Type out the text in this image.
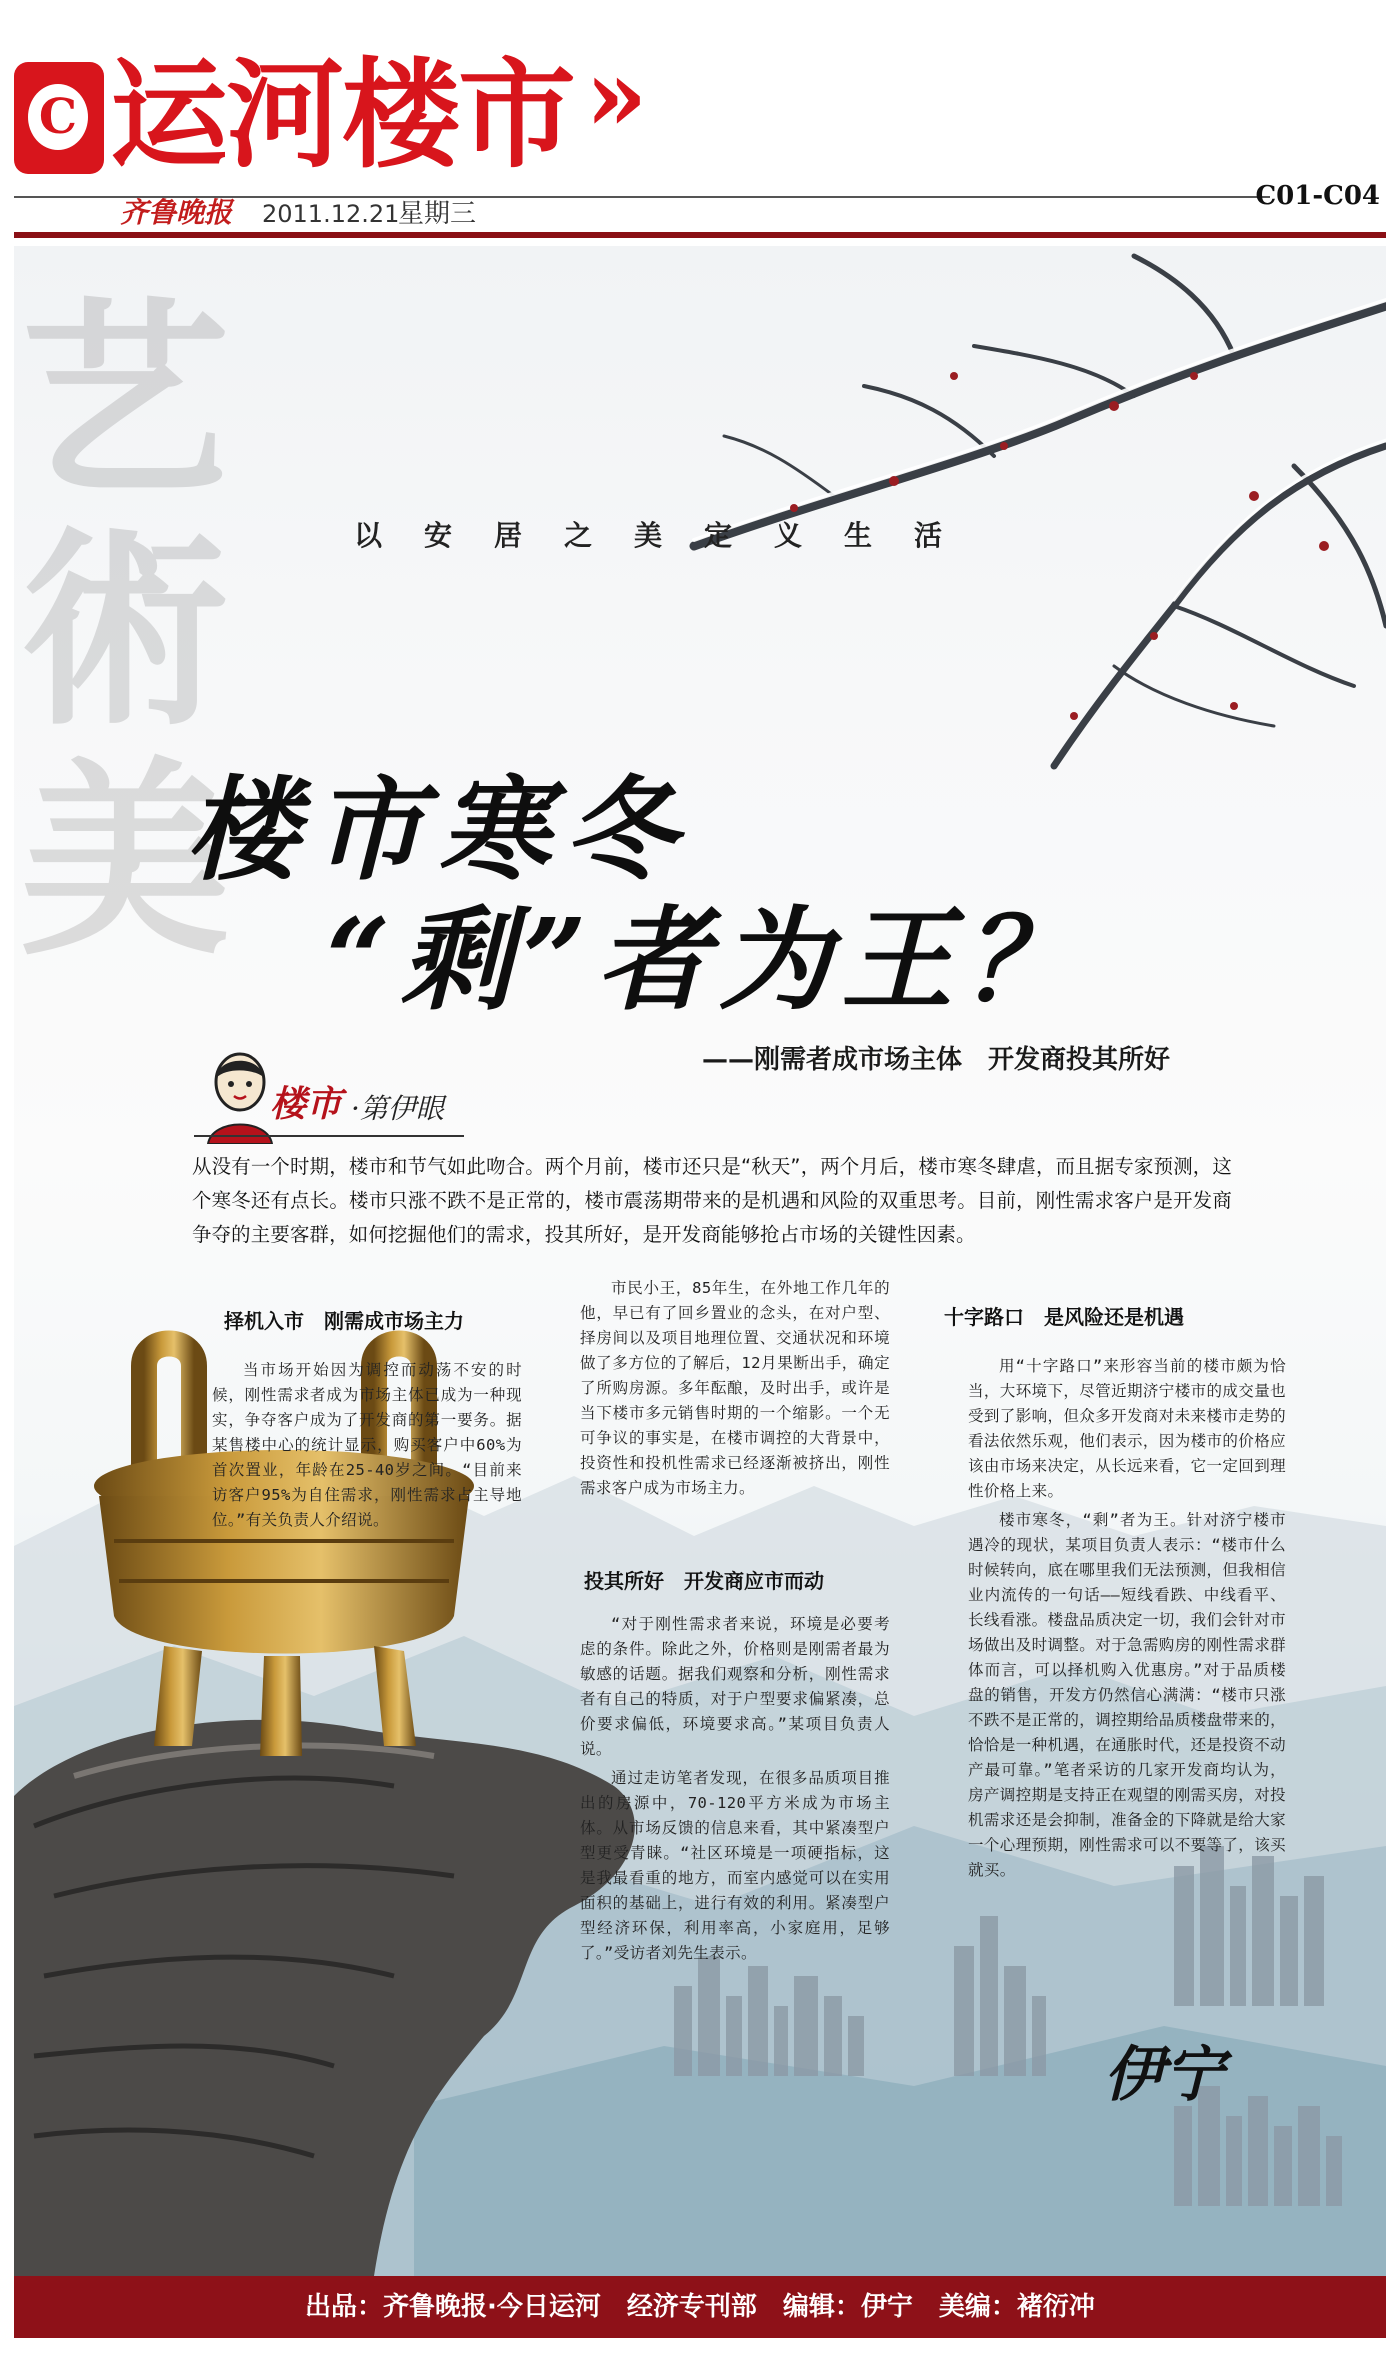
C 运河楼市 »
齐鲁晚报 2011.12.21
星期三
C01-C04
艺
術
美
以安居之美定义生活
楼市寒冬
“剩”者为王？
——刚需者成市场主体　开发商投其所好
楼市 ·第伊眼
从没有一个时期，楼市和节气如此吻合。两个月前，楼市还只是“秋天”，两个月后，楼市寒冬肆虐，而且据专家预测，这个寒冬还有点长。楼市只涨不跌不是正常的，楼市震荡期带来的是机遇和风险的双重思考。目前，刚性需求客户是开发商争夺的主要客群，如何挖掘他们的需求，投其所好，是开发商能够抢占市场的关键性因素。
择机入市　刚需成市场主力

当市场开始因为调控而动荡不安的时候，刚性需求者成为市场主体已成为一种现实，争夺客户成为了开发商的第一要务。据某售楼中心的统计显示，购买客户中60%为首次置业，年龄在25-40岁之间。“目前来访客户95%为自住需求，刚性需求占主导地位。”有关负责人介绍说。

市民小王，85年生，在外地工作几年的他，早已有了回乡置业的念头，在对户型、择房间以及项目地理位置、交通状况和环境做了多方位的了解后，12月果断出手，确定了所购房源。多年酝酿，及时出手，或许是当下楼市多元销售时期的一个缩影。一个无可争议的事实是，在楼市调控的大背景中，投资性和投机性需求已经逐渐被挤出，刚性需求客户成为市场主力。

投其所好　开发商应市而动

“对于刚性需求者来说，环境是必要考虑的条件。除此之外，价格则是刚需者最为敏感的话题。据我们观察和分析，刚性需求者有自己的特质，对于户型要求偏紧凑，总价要求偏低，环境要求高。”某项目负责人说。

通过走访笔者发现，在很多品质项目推出的房源中，70-120平方米成为市场主体。从市场反馈的信息来看，其中紧凑型户型更受青睐。“社区环境是一项硬指标，这是我最看重的地方，而室内感觉可以在实用面积的基础上，进行有效的利用。紧凑型户型经济环保，利用率高，小家庭用，足够了。”受访者刘先生表示。

十字路口　是风险还是机遇

用“十字路口”来形容当前的楼市颇为恰当，大环境下，尽管近期济宁楼市的成交量也受到了影响，但众多开发商对未来楼市走势的看法依然乐观，他们表示，因为楼市的价格应该由市场来决定，从长远来看，它一定回到理性价格上来。

楼市寒冬，“剩”者为王。针对济宁楼市遇冷的现状，某项目负责人表示：“楼市什么时候转向，底在哪里我们无法预测，但我相信业内流传的一句话——短线看跌、中线看平、长线看涨。楼盘品质决定一切，我们会针对市场做出及时调整。对于急需购房的刚性需求群体而言，可以择机购入优惠房。”对于品质楼盘的销售，开发方仍然信心满满：“楼市只涨不跌不是正常的，调控期给品质楼盘带来的，恰恰是一种机遇，在通胀时代，还是投资不动产最可靠。”笔者采访的几家开发商均认为，房产调控期是支持正在观望的刚需买房，对投机需求还是会抑制，准备金的下降就是给大家一个心理预期，刚性需求可以不要等了，该买就买。

伊宁
出品：齐鲁晚报·今日运河　经济专刊部　编辑：伊宁　美编：褚衍冲
